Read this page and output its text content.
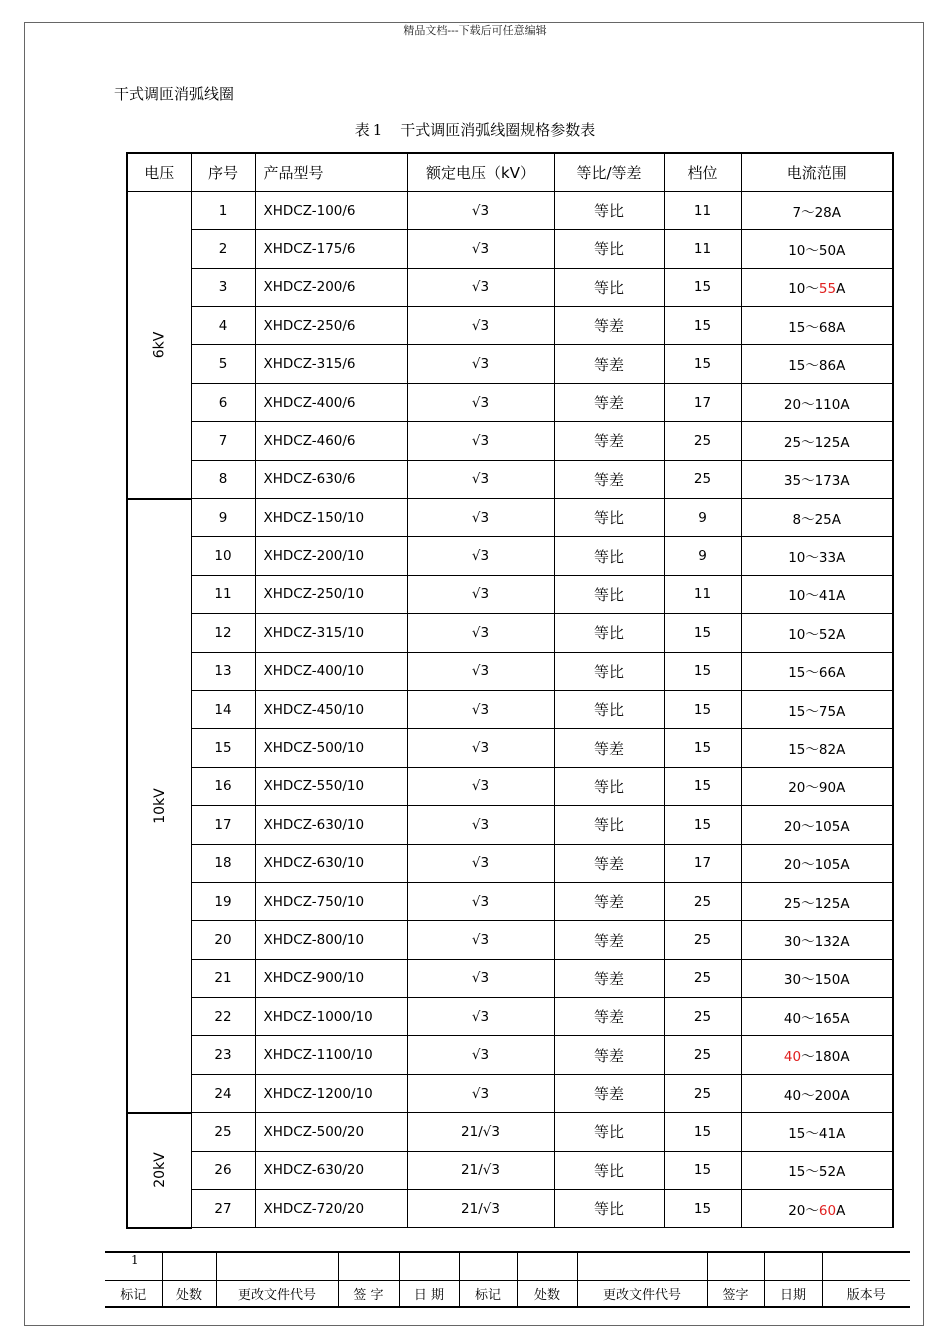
精品文档---下载后可任意编辑
干式调匝消弧线圈
表 1 干式调匝消弧线圈规格参数表
电压	序号	产品型号	额定电压（kV）	等比/等差	档位	电流范围
6kV	1	XHDCZ-100/6	√3	等比	11	7～28A
	2	XHDCZ-175/6	√3	等比	11	10～50A
	3	XHDCZ-200/6	√3	等比	15	10～55A
	4	XHDCZ-250/6	√3	等差	15	15～68A
	5	XHDCZ-315/6	√3	等差	15	15～86A
	6	XHDCZ-400/6	√3	等差	17	20～110A
	7	XHDCZ-460/6	√3	等差	25	25～125A
	8	XHDCZ-630/6	√3	等差	25	35～173A
10kV	9	XHDCZ-150/10	√3	等比	9	8～25A
	10	XHDCZ-200/10	√3	等比	9	10～33A
	11	XHDCZ-250/10	√3	等比	11	10～41A
	12	XHDCZ-315/10	√3	等比	15	10～52A
	13	XHDCZ-400/10	√3	等比	15	15～66A
	14	XHDCZ-450/10	√3	等比	15	15～75A
	15	XHDCZ-500/10	√3	等差	15	15～82A
	16	XHDCZ-550/10	√3	等比	15	20～90A
	17	XHDCZ-630/10	√3	等比	15	20～105A
	18	XHDCZ-630/10	√3	等差	17	20～105A
	19	XHDCZ-750/10	√3	等差	25	25～125A
	20	XHDCZ-800/10	√3	等差	25	30～132A
	21	XHDCZ-900/10	√3	等差	25	30～150A
	22	XHDCZ-1000/10	√3	等差	25	40～165A
	23	XHDCZ-1100/10	√3	等差	25	40～180A
	24	XHDCZ-1200/10	√3	等差	25	40～200A
20kV	25	XHDCZ-500/20	21/√3	等比	15	15～41A
	26	XHDCZ-630/20	21/√3	等比	15	15～52A
	27	XHDCZ-720/20	21/√3	等比	15	20～60A
1										
标记	处数	更改文件代号	签 字	日 期	标记	处数	更改文件代号	签字	日期	版本号
